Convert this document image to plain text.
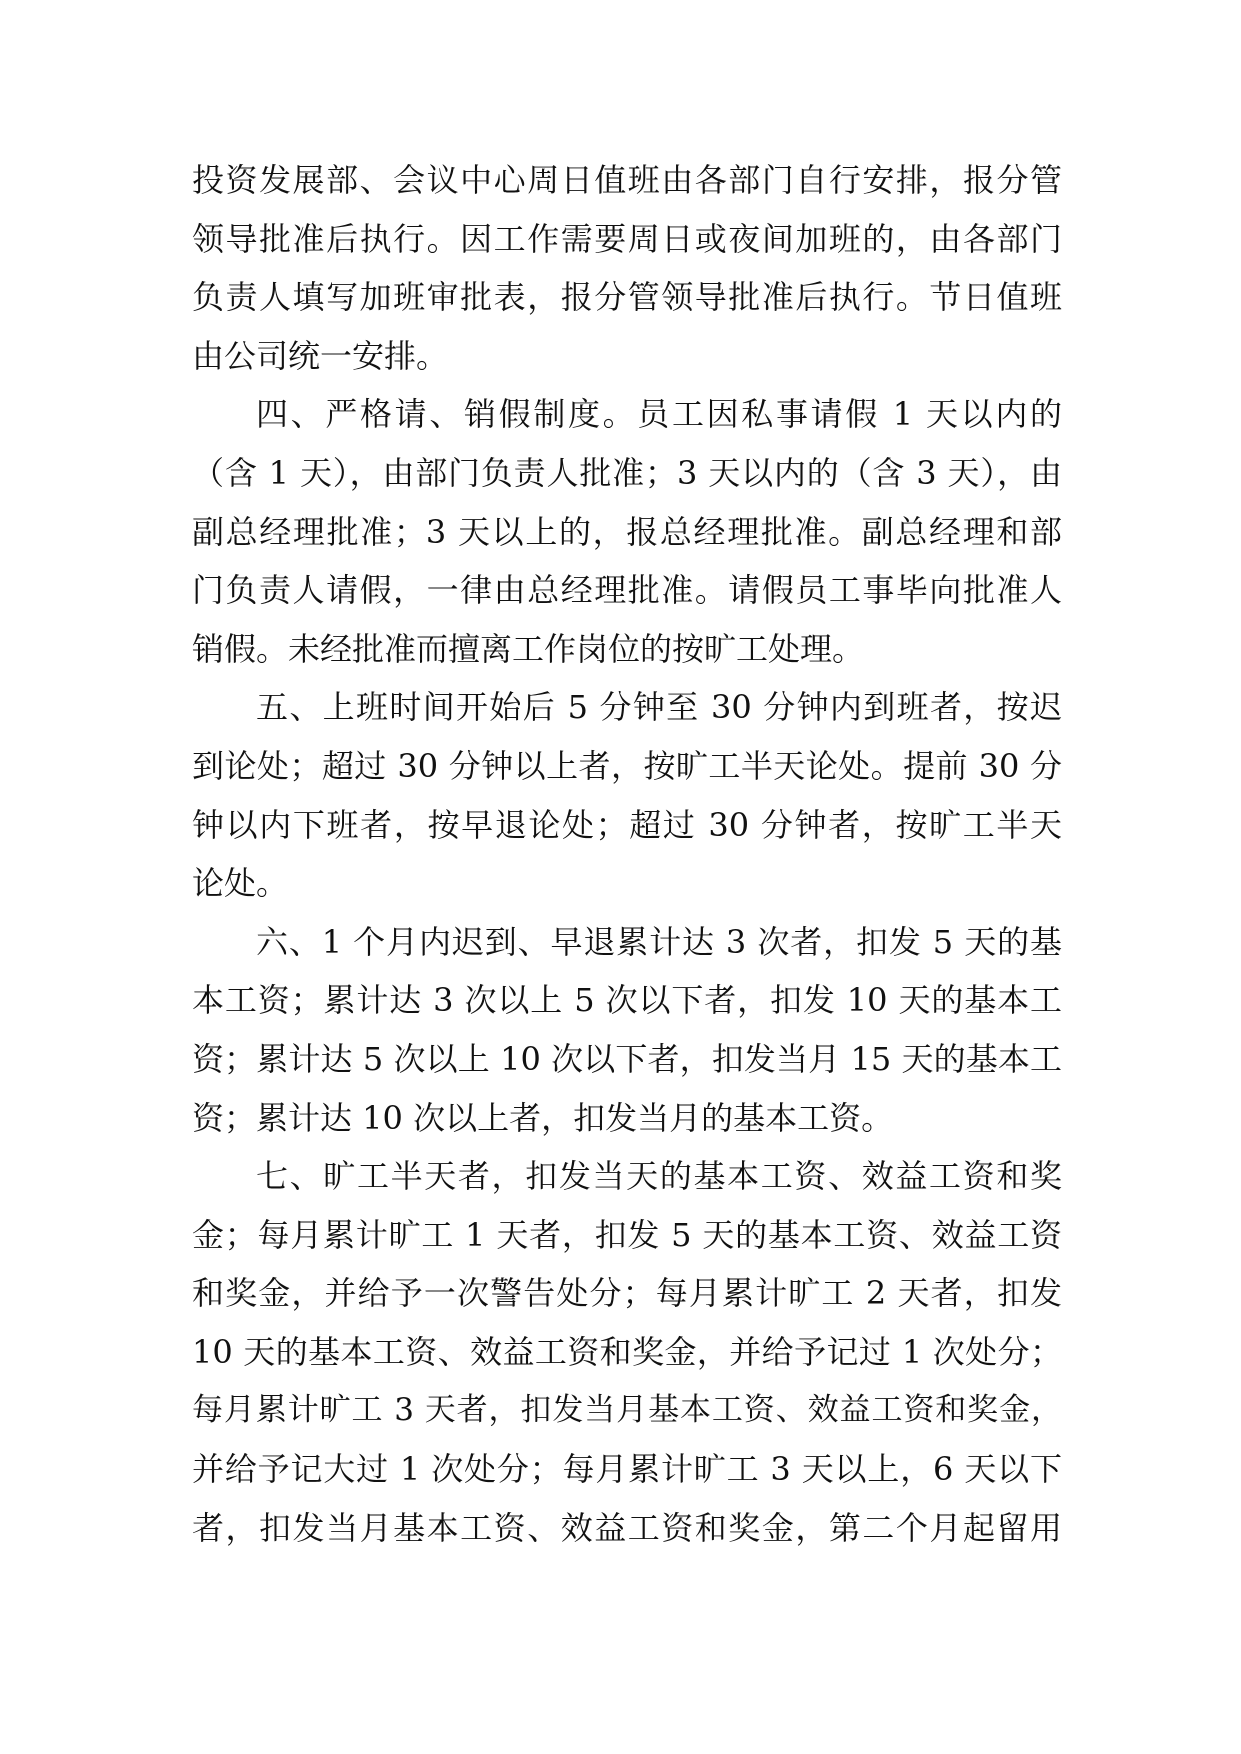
投资发展部、会议中心周日值班由各部门自行安排，报分管
领导批准后执行。因工作需要周日或夜间加班的，由各部门
负责人填写加班审批表，报分管领导批准后执行。节日值班
由公司统一安排。
四、严格请、销假制度。员工因私事请假 1 天以内的
（含 1 天），由部门负责人批准；3 天以内的（含 3 天），由
副总经理批准；3 天以上的，报总经理批准。副总经理和部
门负责人请假，一律由总经理批准。请假员工事毕向批准人
销假。未经批准而擅离工作岗位的按旷工处理。
五、上班时间开始后 5 分钟至 30 分钟内到班者，按迟
到论处；超过 30 分钟以上者，按旷工半天论处。提前 30 分
钟以内下班者，按早退论处；超过 30 分钟者，按旷工半天
论处。
六、1 个月内迟到、早退累计达 3 次者，扣发 5 天的基
本工资；累计达 3 次以上 5 次以下者，扣发 10 天的基本工
资；累计达 5 次以上 10 次以下者，扣发当月 15 天的基本工
资；累计达 10 次以上者，扣发当月的基本工资。
七、旷工半天者，扣发当天的基本工资、效益工资和奖
金；每月累计旷工 1 天者，扣发 5 天的基本工资、效益工资
和奖金，并给予一次警告处分；每月累计旷工 2 天者，扣发
10 天的基本工资、效益工资和奖金，并给予记过 1 次处分；
每月累计旷工 3 天者，扣发当月基本工资、效益工资和奖金，
并给予记大过 1 次处分；每月累计旷工 3 天以上，6 天以下
者，扣发当月基本工资、效益工资和奖金，第二个月起留用
